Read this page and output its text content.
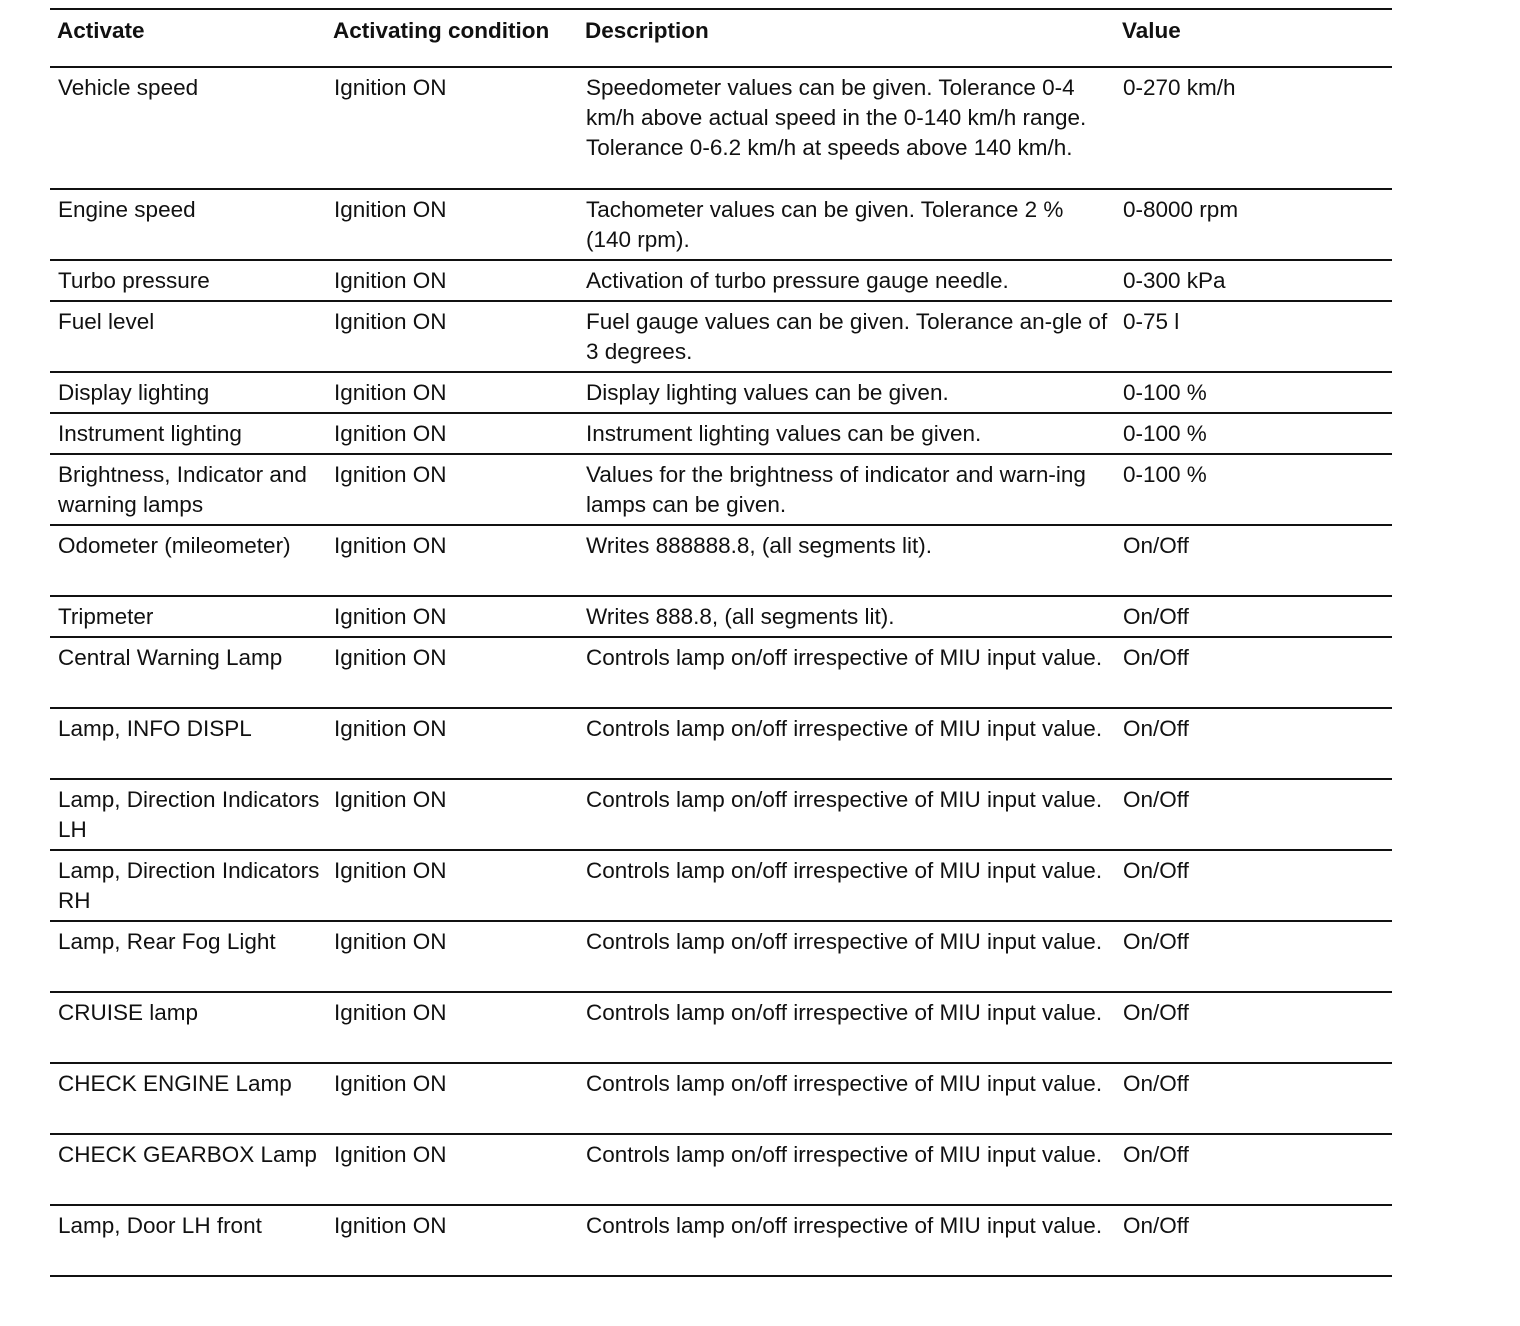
Activate	Activating condition	Description	Value
Vehicle speed	Ignition ON	Speedometer values can be given. Tolerance 0-4 km/h above actual speed in the 0-140 km/h range. Tolerance 0-6.2 km/h at speeds above 140 km/h.	0-270 km/h
Engine speed	Ignition ON	Tachometer values can be given. Tolerance 2 % (140 rpm).	0-8000 rpm
Turbo pressure	Ignition ON	Activation of turbo pressure gauge needle.	0-300 kPa
Fuel level	Ignition ON	Fuel gauge values can be given. Tolerance an-gle of 3 degrees.	0-75 l
Display lighting	Ignition ON	Display lighting values can be given.	0-100 %
Instrument lighting	Ignition ON	Instrument lighting values can be given.	0-100 %
Brightness, Indicator and warning lamps	Ignition ON	Values for the brightness of indicator and warn-ing lamps can be given.	0-100 %
Odometer (mileometer)	Ignition ON	Writes 888888.8, (all segments lit).	On/Off
Tripmeter	Ignition ON	Writes 888.8, (all segments lit).	On/Off
Central Warning Lamp	Ignition ON	Controls lamp on/off irrespective of MIU input value.	On/Off
Lamp, INFO DISPL	Ignition ON	Controls lamp on/off irrespective of MIU input value.	On/Off
Lamp, Direction Indicators LH	Ignition ON	Controls lamp on/off irrespective of MIU input value.	On/Off
Lamp, Direction Indicators RH	Ignition ON	Controls lamp on/off irrespective of MIU input value.	On/Off
Lamp, Rear Fog Light	Ignition ON	Controls lamp on/off irrespective of MIU input value.	On/Off
CRUISE lamp	Ignition ON	Controls lamp on/off irrespective of MIU input value.	On/Off
CHECK ENGINE Lamp	Ignition ON	Controls lamp on/off irrespective of MIU input value.	On/Off
CHECK GEARBOX Lamp	Ignition ON	Controls lamp on/off irrespective of MIU input value.	On/Off
Lamp, Door LH front	Ignition ON	Controls lamp on/off irrespective of MIU input value.	On/Off
